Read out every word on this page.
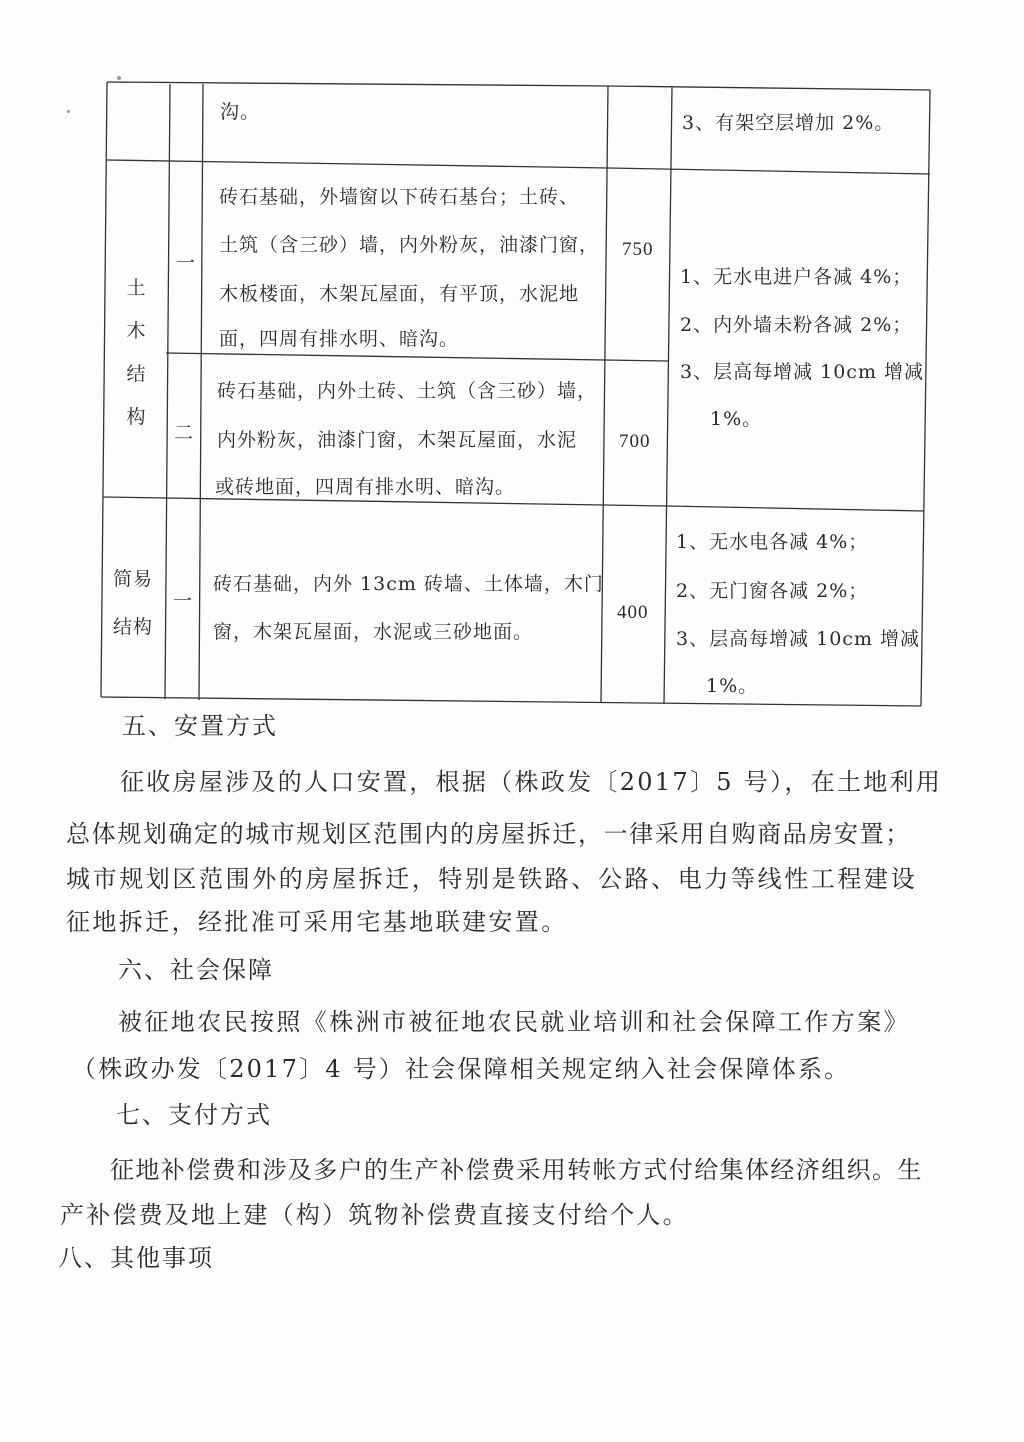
沟。	3、有架空层增加 2%。
土
木
结
构
一
砖石基础，外墙窗以下砖石基台；土砖、
土筑（含三砂）墙，内外粉灰，油漆门窗，
木板楼面，木架瓦屋面，有平顶，水泥地
面，四周有排水明、暗沟。
750
二
砖石基础，内外土砖、土筑（含三砂）墙，
内外粉灰，油漆门窗，木架瓦屋面，水泥
或砖地面，四周有排水明、暗沟。
700
1、无水电进户各减 4%；
2、内外墙未粉各减 2%；
3、层高每增减 10cm 增减
1%。
简易
结构
一
砖石基础，内外 13cm 砖墙、土体墙，木门
窗，木架瓦屋面，水泥或三砂地面。
400
1、无水电各减 4%；
2、无门窗各减 2%；
3、层高每增减 10cm 增减
1%。
五、安置方式
征收房屋涉及的人口安置，根据（株政发〔2017〕5 号），在土地利用
总体规划确定的城市规划区范围内的房屋拆迁，一律采用自购商品房安置；
城市规划区范围外的房屋拆迁，特别是铁路、公路、电力等线性工程建设
征地拆迁，经批准可采用宅基地联建安置。
六、社会保障
被征地农民按照《株洲市被征地农民就业培训和社会保障工作方案》
（株政办发〔2017〕4 号）社会保障相关规定纳入社会保障体系。
七、支付方式
征地补偿费和涉及多户的生产补偿费采用转帐方式付给集体经济组织。生
产补偿费及地上建（构）筑物补偿费直接支付给个人。
八、其他事项
